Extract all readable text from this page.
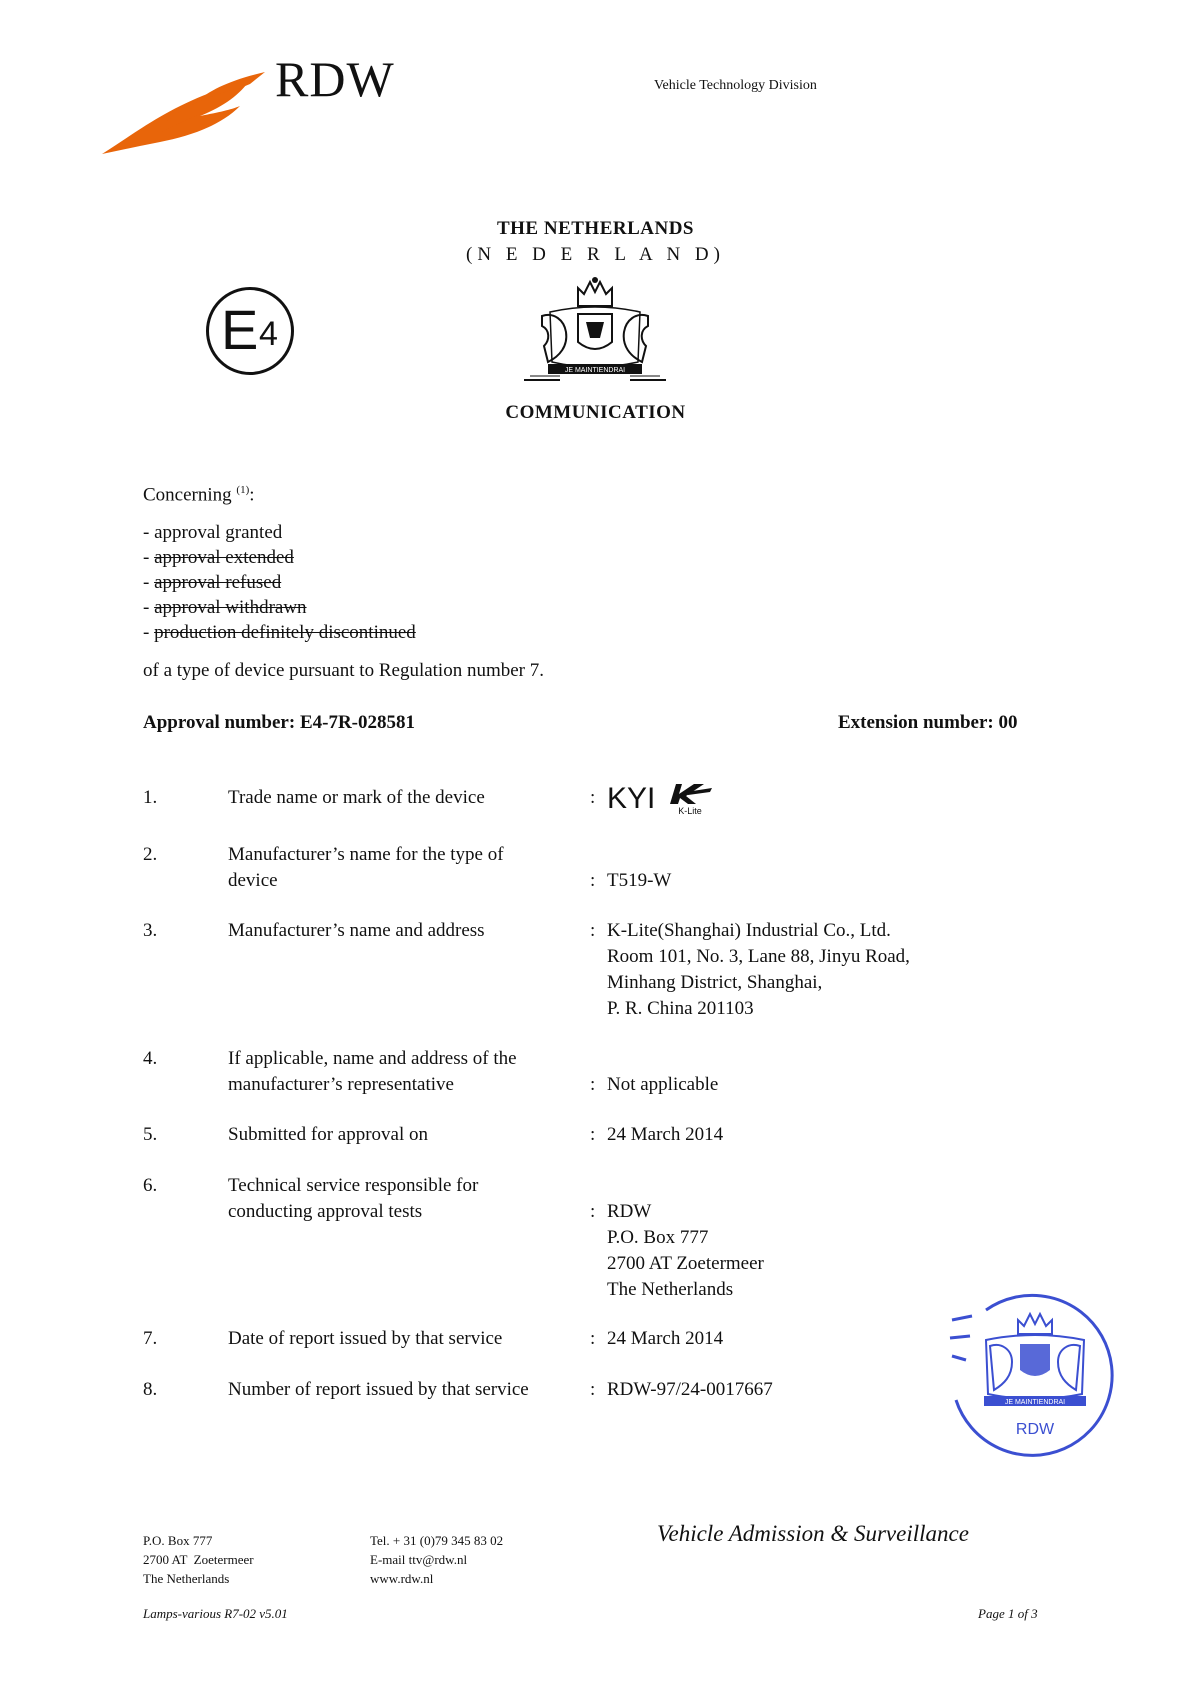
RDW	Vehicle Technology Division
THE NETHERLANDS
(N E D E R L A N D)
E 4
JE MAINTIENDRAI
COMMUNICATION
Concerning $^{(1)}$:
- approval granted
- approval extended
- approval refused
- approval withdrawn
- production definitely discontinued
of a type of device pursuant to Regulation number 7.
Approval number: E4-7R-028581	Extension number: 00
1.	Trade name or mark of the device	: KYI	K-Lite
2.	Manufacturer’s name for the type of
device	: T519-W
3.	Manufacturer’s name and address	: K-Lite(Shanghai) Industrial Co., Ltd.
Room 101, No. 3, Lane 88, Jinyu Road,
Minhang District, Shanghai,
P. R. China 201103
4.	If applicable, name and address of the
manufacturer’s representative	: Not applicable
5.	Submitted for approval on	: 24 March 2014
6.	Technical service responsible for
conducting approval tests	: RDW
P.O. Box 777
2700 AT Zoetermeer
The Netherlands
7.	Date of report issued by that service	: 24 March 2014
8.	Number of report issued by that service	: RDW-97/24-0017667
JE MAINTIENDRAI
RDW
P.O. Box 777
2700 AT  Zoetermeer
The Netherlands
Tel. + 31 (0)79 345 83 02
E-mail ttv@rdw.nl
www.rdw.nl
Vehicle Admission & Surveillance
Lamps-various R7-02 v5.01	Page 1 of 3
